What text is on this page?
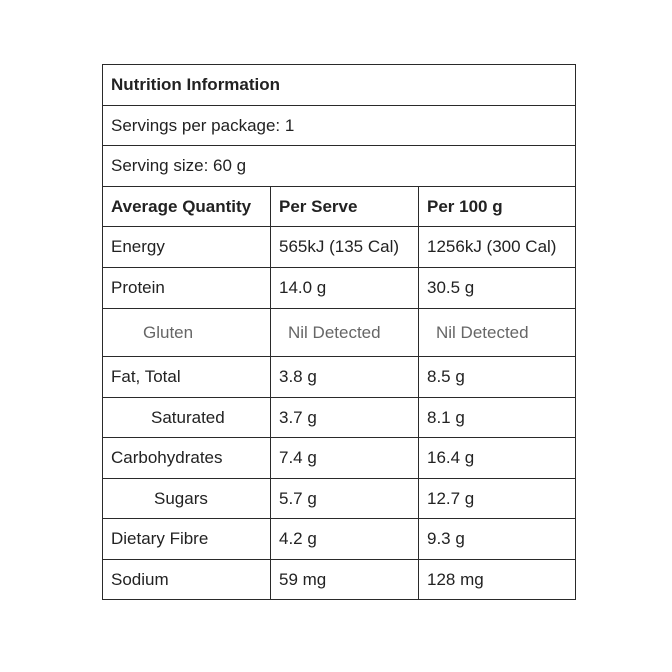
Nutrition Information
Servings per package: 1
Serving size: 60 g
Average Quantity	Per Serve	Per 100 g
Energy	565kJ (135 Cal)	1256kJ (300 Cal)
Protein	14.0 g	30.5 g
Gluten	Nil Detected	Nil Detected
Fat, Total	3.8 g	8.5 g
Saturated	3.7 g	8.1 g
Carbohydrates	7.4 g	16.4 g
Sugars	5.7 g	12.7 g
Dietary Fibre	4.2 g	9.3 g
Sodium	59 mg	128 mg
